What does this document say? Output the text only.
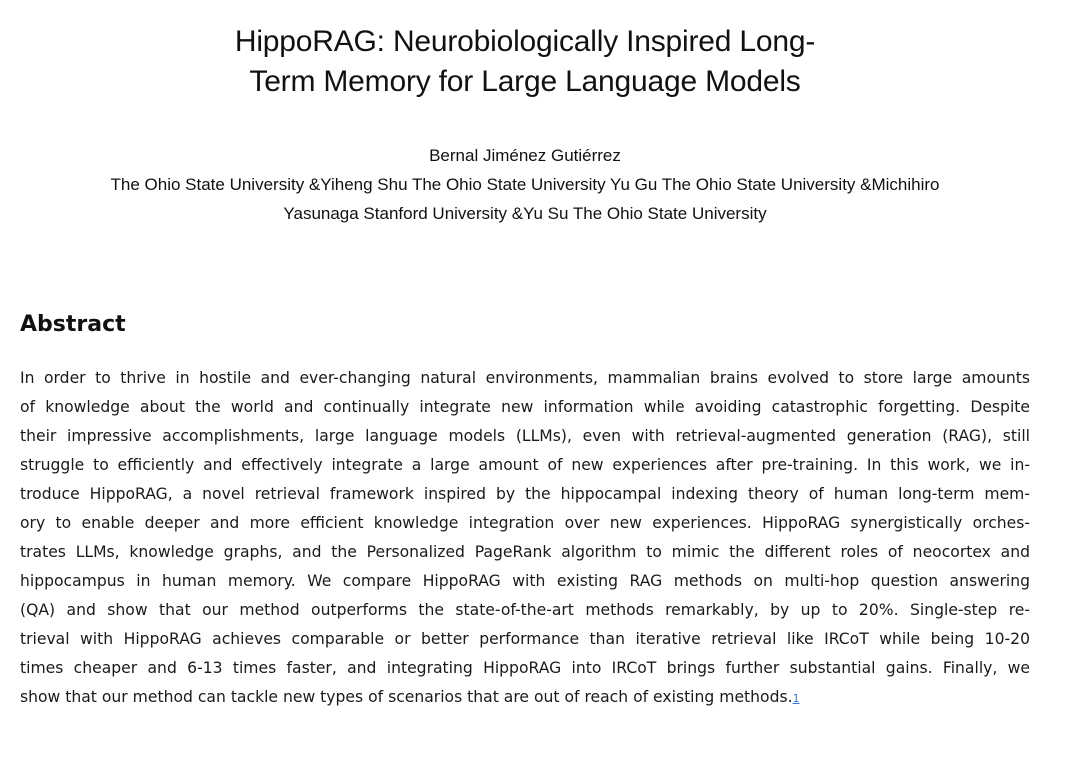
HippoRAG: Neurobiologically Inspired Long-
Term Memory for Large Language Models
Bernal Jiménez Gutiérrez
The Ohio State University &Yiheng Shu The Ohio State University Yu Gu The Ohio State University &Michihiro
Yasunaga Stanford University &Yu Su The Ohio State University
Abstract
In order to thrive in hostile and ever-changing natural environments, mammalian brains evolved to store large amounts
of knowledge about the world and continually integrate new information while avoiding catastrophic forgetting. Despite
their impressive accomplishments, large language models (LLMs), even with retrieval-augmented generation (RAG), still
struggle to efficiently and effectively integrate a large amount of new experiences after pre-training. In this work, we in-
troduce HippoRAG, a novel retrieval framework inspired by the hippocampal indexing theory of human long-term mem-
ory to enable deeper and more efficient knowledge integration over new experiences. HippoRAG synergistically orches-
trates LLMs, knowledge graphs, and the Personalized PageRank algorithm to mimic the different roles of neocortex and
hippocampus in human memory. We compare HippoRAG with existing RAG methods on multi-hop question answering
(QA) and show that our method outperforms the state-of-the-art methods remarkably, by up to 20%. Single-step re-
trieval with HippoRAG achieves comparable or better performance than iterative retrieval like IRCoT while being 10-20
times cheaper and 6-13 times faster, and integrating HippoRAG into IRCoT brings further substantial gains. Finally, we
show that our method can tackle new types of scenarios that are out of reach of existing methods.1
